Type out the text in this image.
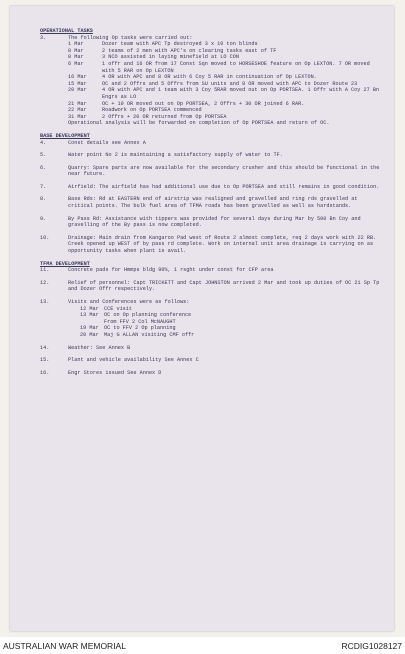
OPERATIONAL TASKS

3.	The following Op tasks were carried out:
1 Mar	Dozer team with APC Tp destroyed 3 x 10 ton blinds
8 Mar	2 teams of 2 men with APC's on clearing tasks east of TF
8 Mar	3 NCO assisted in laying minefield at LO CON
6 Mar	1 offr and 16 OR from 17 Const Sqn moved to HORSESHOE feature on Op LEXTON. 7 OR moved with 5 RAR on Op LEXTON
16 Mar	4 OR with APC and 8 OR with 6 Coy 5 RAR in continuation of Op LEXTON.
15 Mar	OC and 2 Offrs and 5 Offrs from SU units and 8 OR moved with APC to Dozer Route 23
20 Mar	4 OR with APC and 1 team with 3 Coy 5RAR moved out on Op PORTSEA. 1 Offr with A Coy 27 Bn Engrs as LO
21 Mar	OC + 10 OR moved out on Op PORTSEA, 2 Offrs + 30 OR joined 6 RAR.
22 Mar	Roadwork on Op PORTSEA commenced
31 Mar	2 Offrs + 20 OR returned from Op PORTSEA

Operational analysis will be forwarded on completion of Op PORTSEA and return of OC.

BASE DEVELOPMENT

4.	Const details see Annex A
5.	Water point No 2 is maintaining a satisfactory supply of water to TF.
6.	Quarry: Spare parts are now available for the secondary crusher and this should be functional in the near future.
7.	Airfield: The airfield has had additional use due to Op PORTSEA and still remains in good condition.
8.	Base Rds: Rd at EASTERN end of airstrip was realigned and gravelled and ring rds gravelled at critical points. The bulk fuel area of TFMA roads has been gravelled as well as hardstands.
9.	By Pass Rd: Assistance with tippers was provided for several days during Mar by 500 Bn Coy and gravelling of the By pass is now completed.
10.	Drainage: Main drain from Kangaroo Pad west of Route 2 almost complete, req 2 days work with 22 RB. Creek opened up WEST of by pass rd complete. Work on internal unit area drainage is carrying on as opportunity tasks when plant is avail.

TFMA DEVELOPMENT

11.	Concrete pads for Hmmps bldg 90%, 1 rsght under const for CFP area
12.	Relief of personnel: Capt TRICKETT and Capt JOHNSTON arrived 2 Mar and took up duties of OC 2i Sp Tp and Dozer Offr respectively.
13.	Visits and Conferences were as follows:
12 Mar	CCE visit
13 Mar	OC on Op planning conference
From FFV 2 Col McNAUGHT
19 Mar	OC to FFV 2 Op planning
20 Mar	Maj G ALLAN visiting CMF offr
14.	Weather: See Annex B
15.	Plant and vehicle availability See Annex C
16.	Engr Stores issued See Annex D
AUSTRALIAN WAR MEMORIAL	RCDIG1028127
